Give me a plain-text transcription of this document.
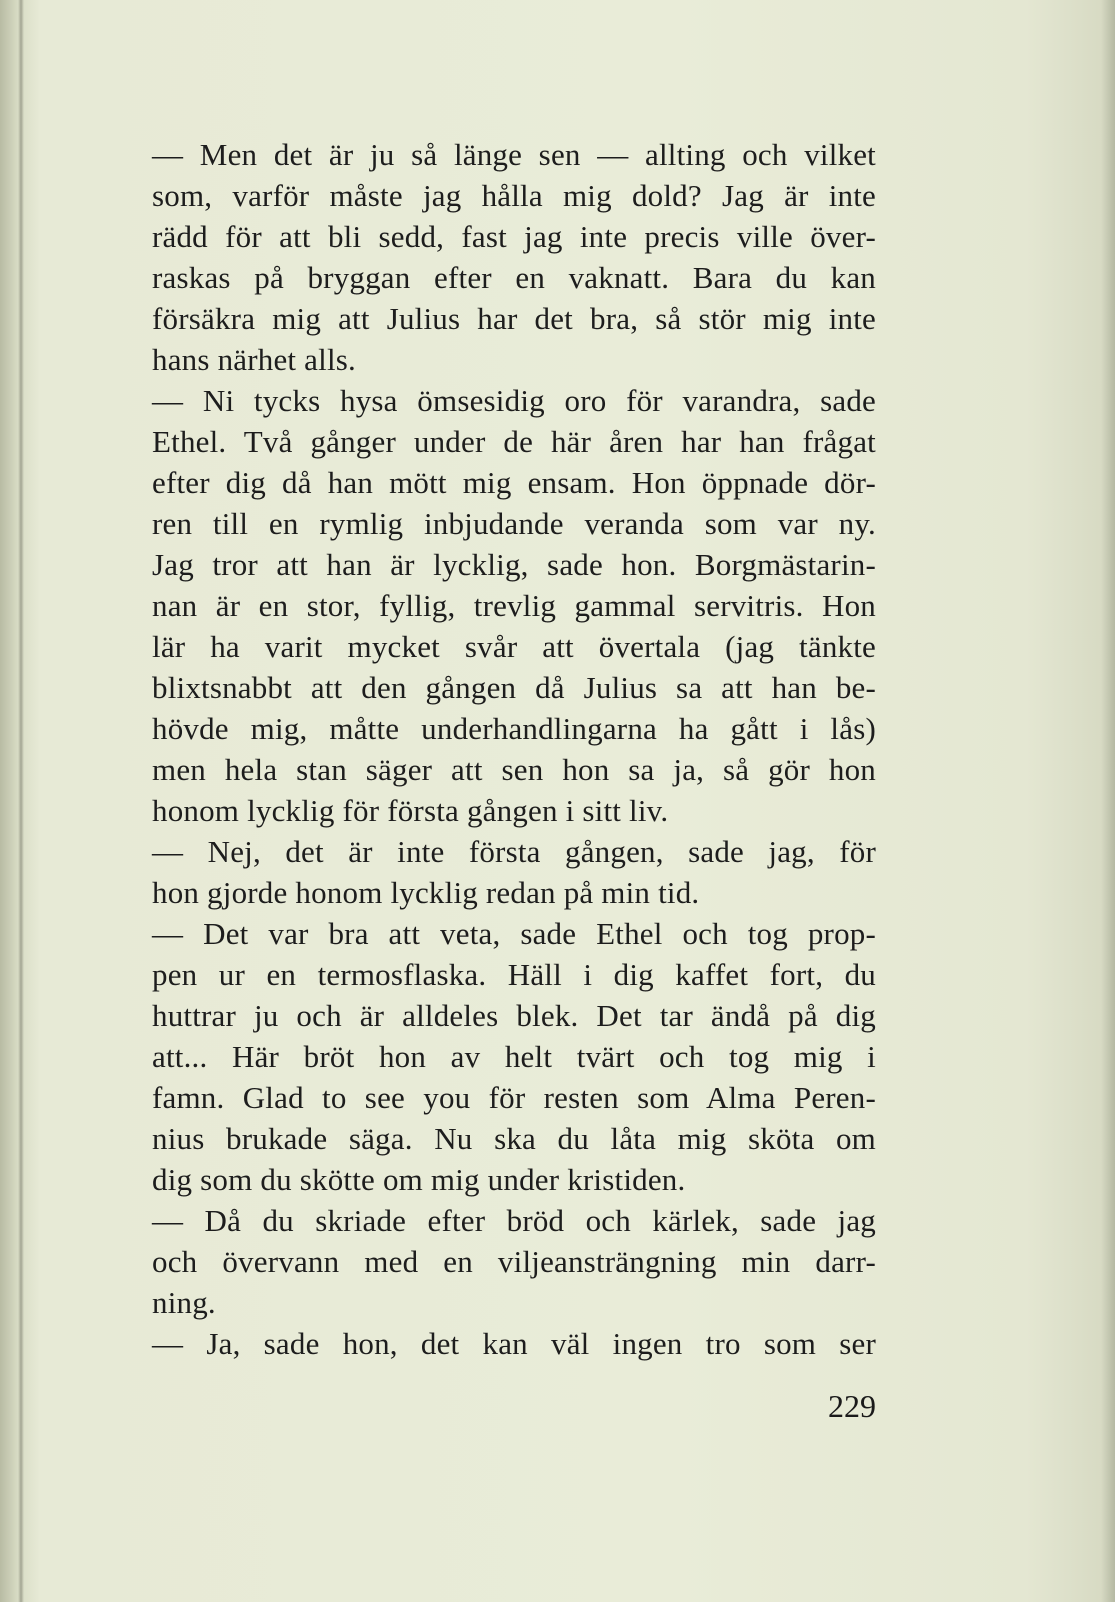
— Men det är ju så länge sen — allting och vilket
som, varför måste jag hålla mig dold? Jag är inte
rädd för att bli sedd, fast jag inte precis ville över-
raskas på bryggan efter en vaknatt. Bara du kan
försäkra mig att Julius har det bra, så stör mig inte
hans närhet alls.
— Ni tycks hysa ömsesidig oro för varandra, sade
Ethel. Två gånger under de här åren har han frågat
efter dig då han mött mig ensam. Hon öppnade dör-
ren till en rymlig inbjudande veranda som var ny.
Jag tror att han är lycklig, sade hon. Borgmästarin-
nan är en stor, fyllig, trevlig gammal servitris. Hon
lär ha varit mycket svår att övertala (jag tänkte
blixtsnabbt att den gången då Julius sa att han be-
hövde mig, måtte underhandlingarna ha gått i lås)
men hela stan säger att sen hon sa ja, så gör hon
honom lycklig för första gången i sitt liv.
— Nej, det är inte första gången, sade jag, för
hon gjorde honom lycklig redan på min tid.
— Det var bra att veta, sade Ethel och tog prop-
pen ur en termosflaska. Häll i dig kaffet fort, du
huttrar ju och är alldeles blek. Det tar ändå på dig
att... Här bröt hon av helt tvärt och tog mig i
famn. Glad to see you för resten som Alma Peren-
nius brukade säga. Nu ska du låta mig sköta om
dig som du skötte om mig under kristiden.
— Då du skriade efter bröd och kärlek, sade jag
och övervann med en viljeansträngning min darr-
ning.
— Ja, sade hon, det kan väl ingen tro som ser
229
